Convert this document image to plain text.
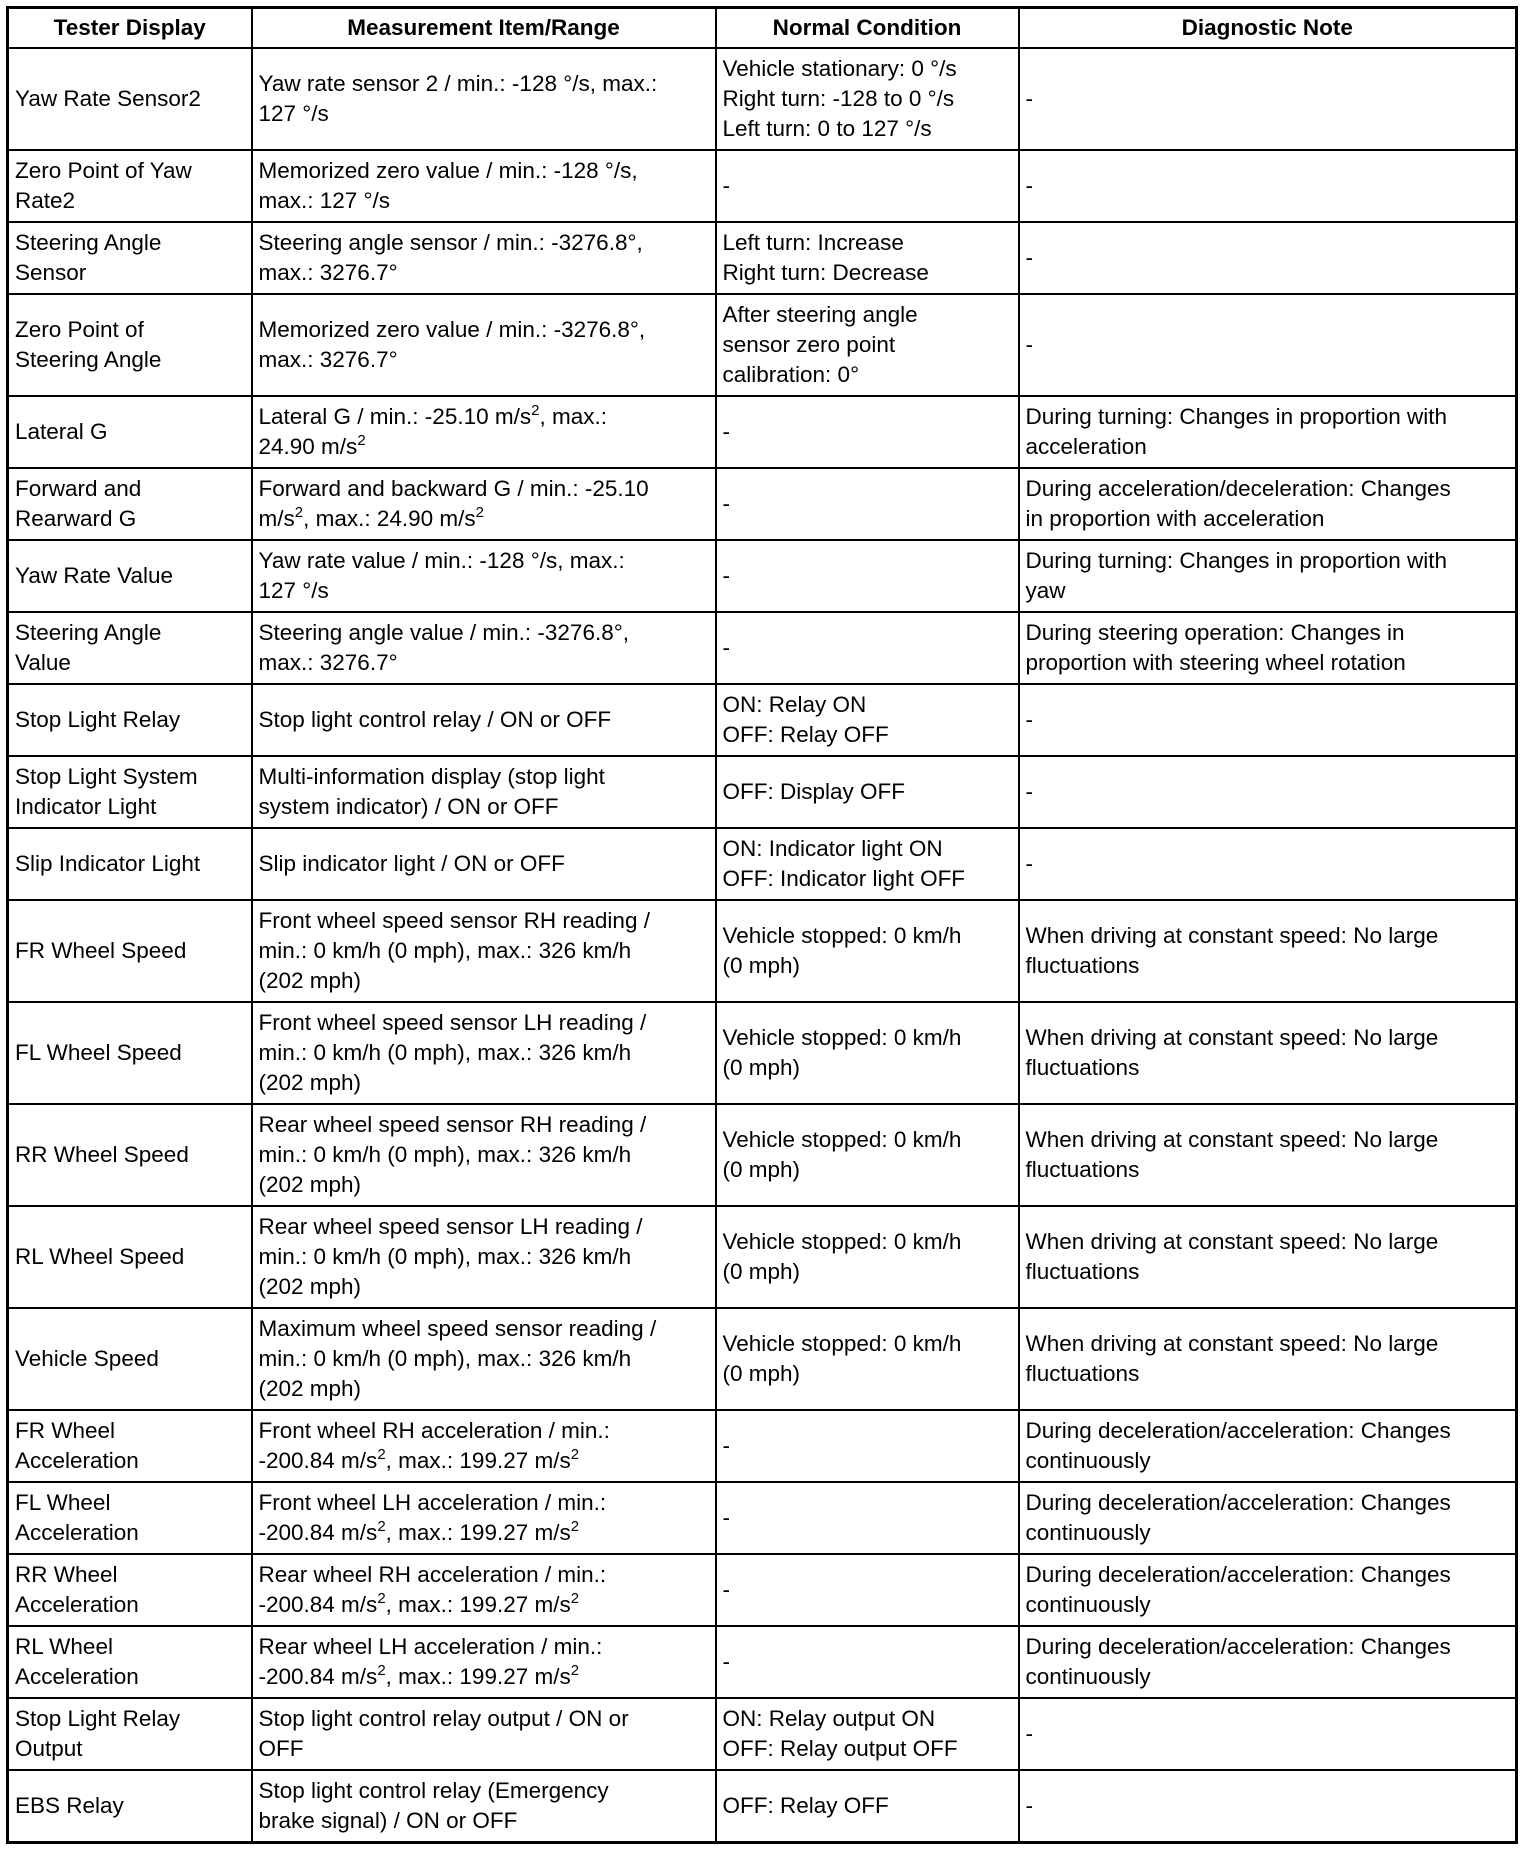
Tester Display	Measurement Item/Range	Normal Condition	Diagnostic Note
Yaw Rate Sensor2	Yaw rate sensor 2 / min.: -128 °/s, max.:
127 °/s	Vehicle stationary: 0 °/s
Right turn: -128 to 0 °/s
Left turn: 0 to 127 °/s	-
Zero Point of Yaw
Rate2	Memorized zero value / min.: -128 °/s,
max.: 127 °/s	-	-
Steering Angle
Sensor	Steering angle sensor / min.: -3276.8°,
max.: 3276.7°	Left turn: Increase
Right turn: Decrease	-
Zero Point of
Steering Angle	Memorized zero value / min.: -3276.8°,
max.: 3276.7°	After steering angle
sensor zero point
calibration: 0°	-
Lateral G	Lateral G / min.: -25.10 $m/s^2$, max.:
24.90 $m/s^2$	-	During turning: Changes in proportion with
acceleration
Forward and
Rearward G	Forward and backward G / min.: -25.10
$m/s^2$, max.: 24.90 $m/s^2$	-	During acceleration/deceleration: Changes
in proportion with acceleration
Yaw Rate Value	Yaw rate value / min.: -128 °/s, max.:
127 °/s	-	During turning: Changes in proportion with
yaw
Steering Angle
Value	Steering angle value / min.: -3276.8°,
max.: 3276.7°	-	During steering operation: Changes in
proportion with steering wheel rotation
Stop Light Relay	Stop light control relay / ON or OFF	ON: Relay ON
OFF: Relay OFF	-
Stop Light System
Indicator Light	Multi-information display (stop light
system indicator) / ON or OFF	OFF: Display OFF	-
Slip Indicator Light	Slip indicator light / ON or OFF	ON: Indicator light ON
OFF: Indicator light OFF	-
FR Wheel Speed	Front wheel speed sensor RH reading /
min.: 0 km/h (0 mph), max.: 326 km/h
(202 mph)	Vehicle stopped: 0 km/h
(0 mph)	When driving at constant speed: No large
fluctuations
FL Wheel Speed	Front wheel speed sensor LH reading /
min.: 0 km/h (0 mph), max.: 326 km/h
(202 mph)	Vehicle stopped: 0 km/h
(0 mph)	When driving at constant speed: No large
fluctuations
RR Wheel Speed	Rear wheel speed sensor RH reading /
min.: 0 km/h (0 mph), max.: 326 km/h
(202 mph)	Vehicle stopped: 0 km/h
(0 mph)	When driving at constant speed: No large
fluctuations
RL Wheel Speed	Rear wheel speed sensor LH reading /
min.: 0 km/h (0 mph), max.: 326 km/h
(202 mph)	Vehicle stopped: 0 km/h
(0 mph)	When driving at constant speed: No large
fluctuations
Vehicle Speed	Maximum wheel speed sensor reading /
min.: 0 km/h (0 mph), max.: 326 km/h
(202 mph)	Vehicle stopped: 0 km/h
(0 mph)	When driving at constant speed: No large
fluctuations
FR Wheel
Acceleration	Front wheel RH acceleration / min.:
-200.84 $m/s^2$, max.: 199.27 $m/s^2$	-	During deceleration/acceleration: Changes
continuously
FL Wheel
Acceleration	Front wheel LH acceleration / min.:
-200.84 $m/s^2$, max.: 199.27 $m/s^2$	-	During deceleration/acceleration: Changes
continuously
RR Wheel
Acceleration	Rear wheel RH acceleration / min.:
-200.84 $m/s^2$, max.: 199.27 $m/s^2$	-	During deceleration/acceleration: Changes
continuously
RL Wheel
Acceleration	Rear wheel LH acceleration / min.:
-200.84 $m/s^2$, max.: 199.27 $m/s^2$	-	During deceleration/acceleration: Changes
continuously
Stop Light Relay
Output	Stop light control relay output / ON or
OFF	ON: Relay output ON
OFF: Relay output OFF	-
EBS Relay	Stop light control relay (Emergency
brake signal) / ON or OFF	OFF: Relay OFF	-
